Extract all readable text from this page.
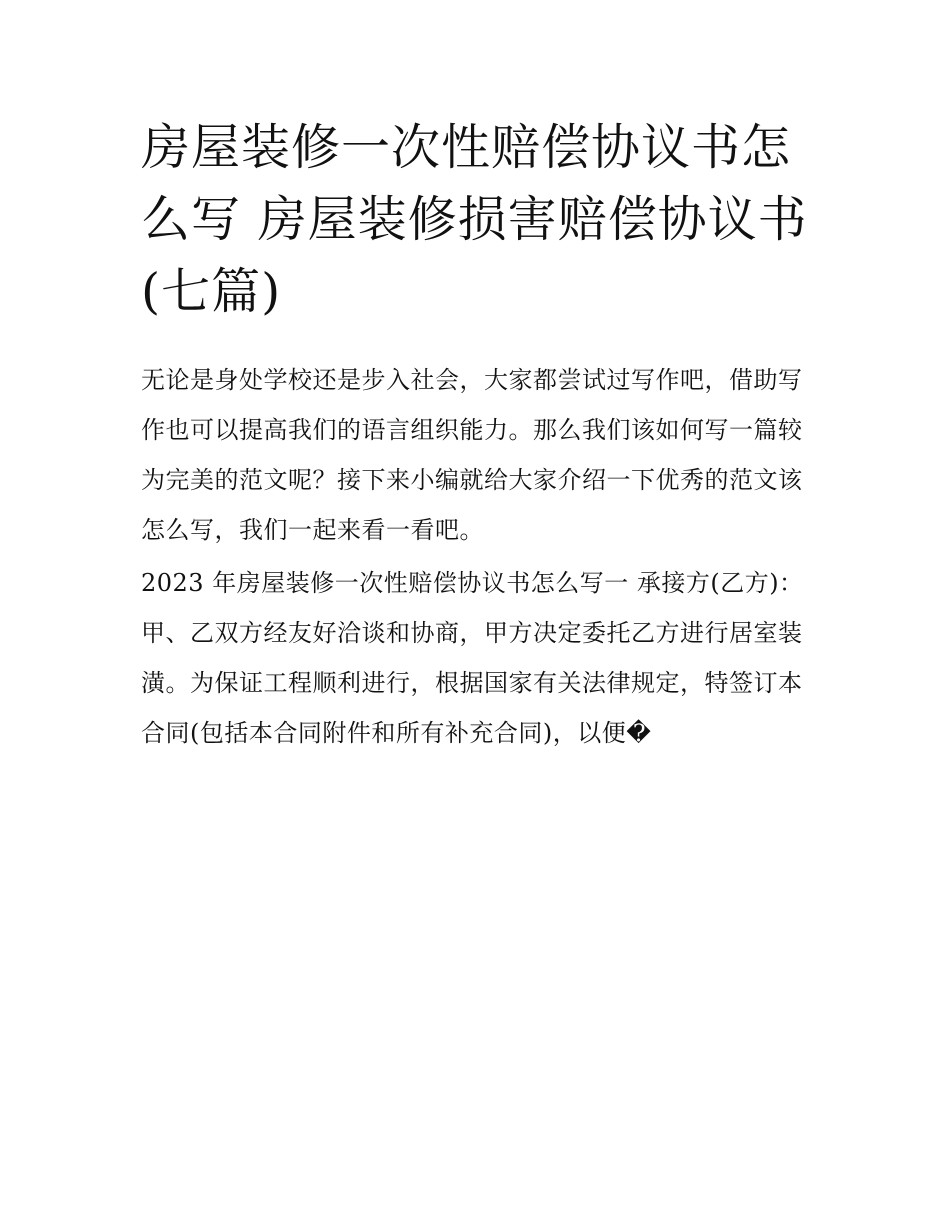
房屋装修一次性赔偿协议书怎么写 房屋装修损害赔偿协议书(七篇)

无论是身处学校还是步入社会，大家都尝试过写作吧，借助写作也可以提高我们的语言组织能力。那么我们该如何写一篇较为完美的范文呢？接下来小编就给大家介绍一下优秀的范文该怎么写，我们一起来看一看吧。

2023 年房屋装修一次性赔偿协议书怎么写一 承接方(乙方)：

甲、乙双方经友好洽谈和协商，甲方决定委托乙方进行居室装潢。为保证工程顺利进行，根据国家有关法律规定，特签订本合同(包括本合同附件和所有补充合同)，以便�
